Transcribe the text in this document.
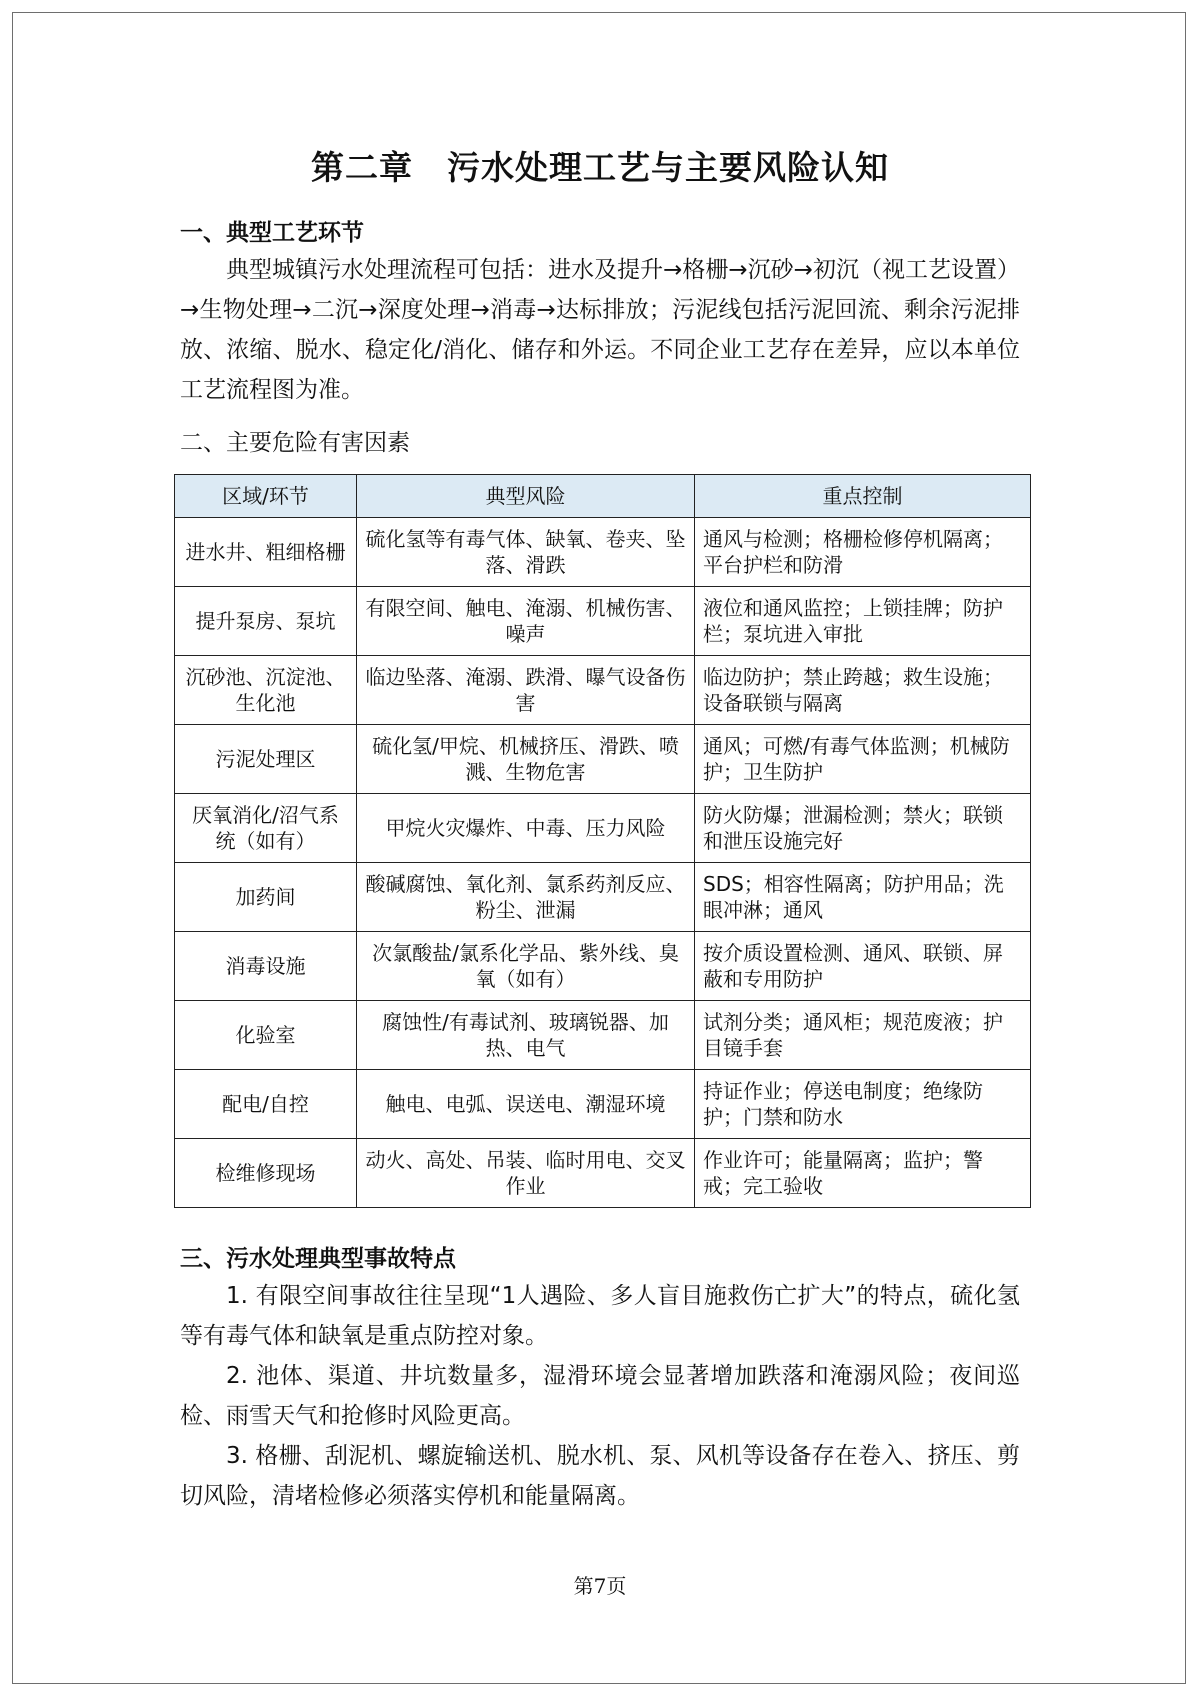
第二章　污水处理工艺与主要风险认知
一、典型工艺环节
典型城镇污水处理流程可包括：进水及提升→格栅→沉砂→初沉（视工艺设置）→生物处理→二沉→深度处理→消毒→达标排放；污泥线包括污泥回流、剩余污泥排放、浓缩、脱水、稳定化/消化、储存和外运。不同企业工艺存在差异，应以本单位工艺流程图为准。
二、主要危险有害因素
区域/环节	典型风险	重点控制
进水井、粗细格栅	硫化氢等有毒气体、缺氧、卷夹、坠落、滑跌	通风与检测；格栅检修停机隔离；平台护栏和防滑
提升泵房、泵坑	有限空间、触电、淹溺、机械伤害、噪声	液位和通风监控；上锁挂牌；防护栏；泵坑进入审批
沉砂池、沉淀池、生化池	临边坠落、淹溺、跌滑、曝气设备伤害	临边防护；禁止跨越；救生设施；设备联锁与隔离
污泥处理区	硫化氢/甲烷、机械挤压、滑跌、喷溅、生物危害	通风；可燃/有毒气体监测；机械防护；卫生防护
厌氧消化/沼气系统（如有）	甲烷火灾爆炸、中毒、压力风险	防火防爆；泄漏检测；禁火；联锁和泄压设施完好
加药间	酸碱腐蚀、氧化剂、氯系药剂反应、粉尘、泄漏	SDS；相容性隔离；防护用品；洗眼冲淋；通风
消毒设施	次氯酸盐/氯系化学品、紫外线、臭氧（如有）	按介质设置检测、通风、联锁、屏蔽和专用防护
化验室	腐蚀性/有毒试剂、玻璃锐器、加热、电气	试剂分类；通风柜；规范废液；护目镜手套
配电/自控	触电、电弧、误送电、潮湿环境	持证作业；停送电制度；绝缘防护；门禁和防水
检维修现场	动火、高处、吊装、临时用电、交叉作业	作业许可；能量隔离；监护；警戒；完工验收
三、污水处理典型事故特点
1. 有限空间事故往往呈现“1人遇险、多人盲目施救伤亡扩大”的特点，硫化氢等有毒气体和缺氧是重点防控对象。
2. 池体、渠道、井坑数量多，湿滑环境会显著增加跌落和淹溺风险；夜间巡检、雨雪天气和抢修时风险更高。
3. 格栅、刮泥机、螺旋输送机、脱水机、泵、风机等设备存在卷入、挤压、剪切风险，清堵检修必须落实停机和能量隔离。
第7页
